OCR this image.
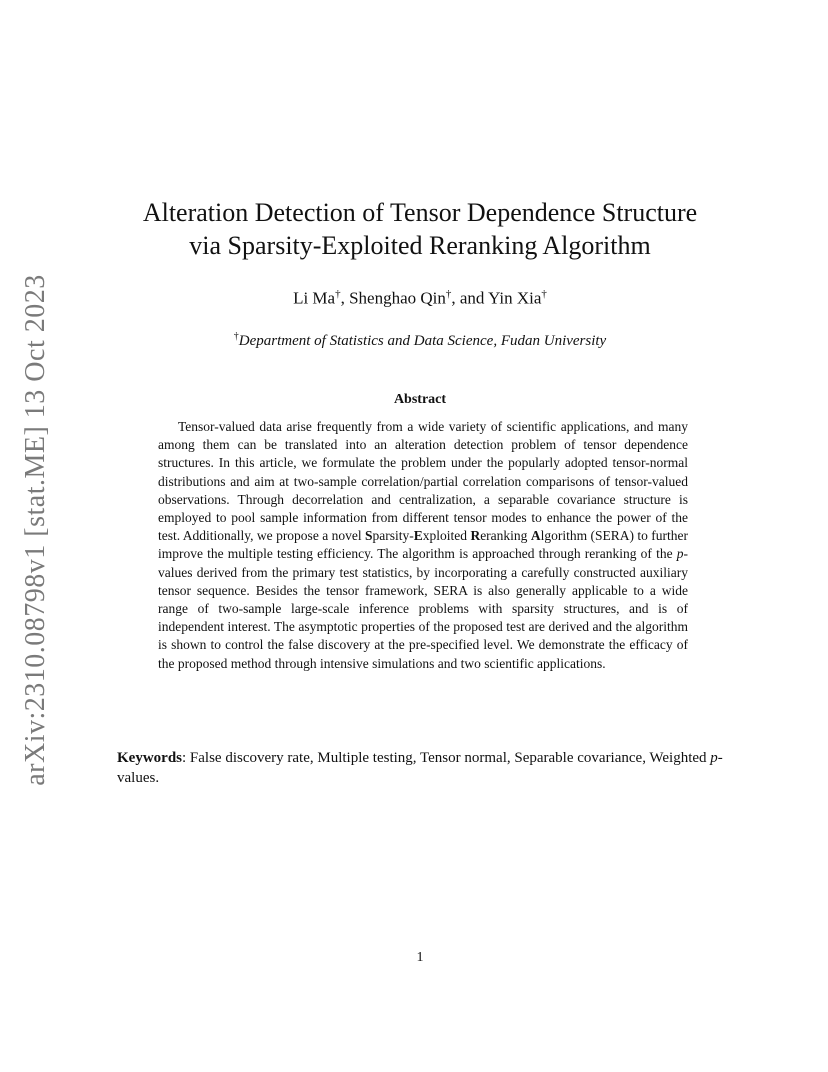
arXiv:2310.08798v1 [stat.ME] 13 Oct 2023
Alteration Detection of Tensor Dependence Structure
via Sparsity-Exploited Reranking Algorithm
Li Ma†, Shenghao Qin†, and Yin Xia†
†Department of Statistics and Data Science, Fudan University
Abstract

Tensor-valued data arise frequently from a wide variety of scientific applications, and many among them can be translated into an alteration detection problem of tensor dependence structures. In this article, we formulate the problem under the popularly adopted tensor-normal distributions and aim at two-sample correlation/partial correlation comparisons of tensor-valued observations. Through decorrelation and centralization, a separable covariance structure is employed to pool sample information from different tensor modes to enhance the power of the test. Additionally, we propose a novel Sparsity-Exploited Reranking Algorithm (SERA) to further improve the multiple testing efficiency. The algorithm is approached through reranking of the p-values derived from the primary test statistics, by incorporating a carefully constructed auxiliary tensor sequence. Besides the tensor framework, SERA is also generally applicable to a wide range of two-sample large-scale inference problems with sparsity structures, and is of independent interest. The asymptotic properties of the proposed test are derived and the algorithm is shown to control the false discovery at the pre-specified level. We demonstrate the efficacy of the proposed method through intensive simulations and two scientific applications.

Keywords: False discovery rate, Multiple testing, Tensor normal, Separable covariance, Weighted p-values.

1
